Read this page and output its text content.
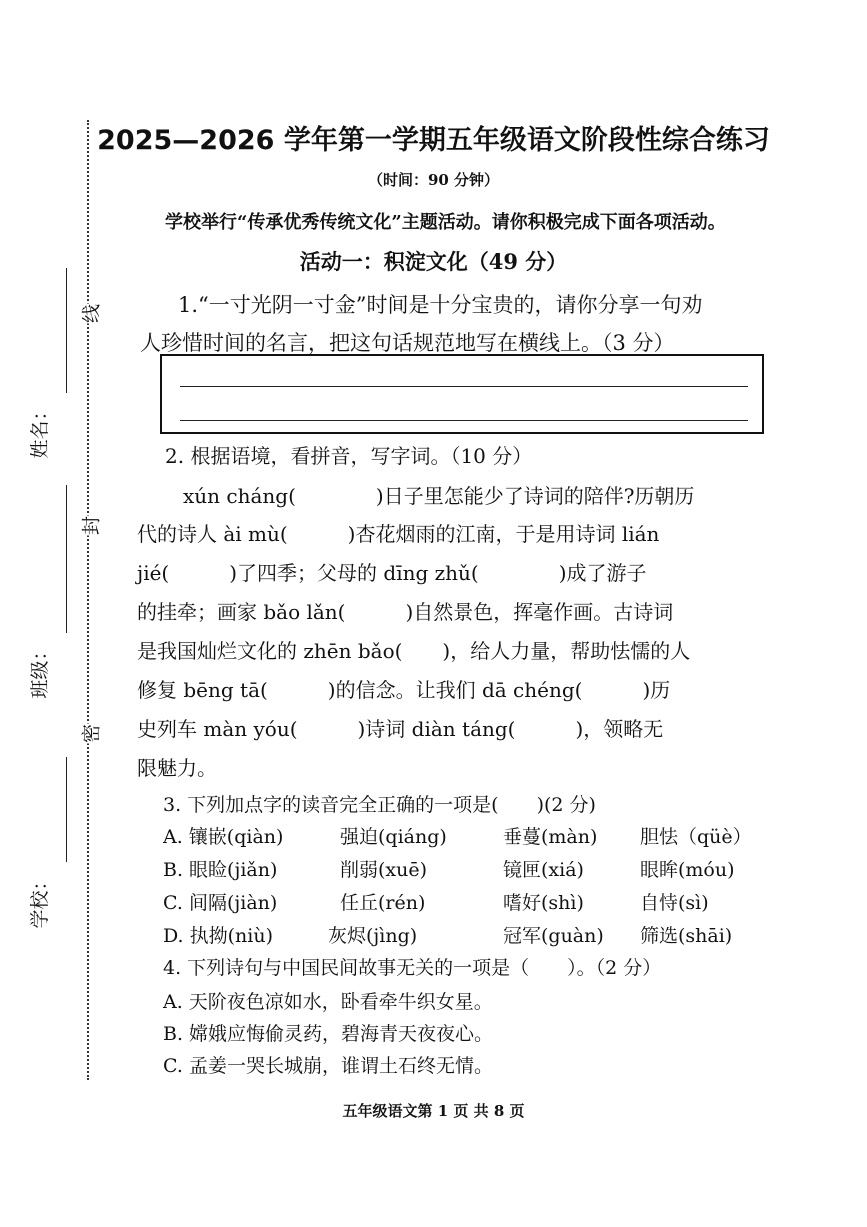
线
封
密
姓名：
班级：
学校：
2025—2026 学年第一学期五年级语文阶段性综合练习
（时间：90 分钟）
学校举行“传承优秀传统文化”主题活动。请你积极完成下面各项活动。
活动一：积淀文化（49 分）
1.“一寸光阴一寸金”时间是十分宝贵的，请你分享一句劝
人珍惜时间的名言，把这句话规范地写在横线上。（3 分）
2. 根据语境，看拼音，写字词。（10 分）
xún cháng(　　　　)日子里怎能少了诗词的陪伴?历朝历
代的诗人 ài mù(　　　)杏花烟雨的江南，于是用诗词 lián
jié(　　　)了四季；父母的 dīng zhǔ(　　　　)成了游子
的挂牵；画家 bǎo lǎn(　　　)自然景色，挥毫作画。古诗词
是我国灿烂文化的 zhēn bǎo(　　)，给人力量，帮助怯懦的人
修复 bēng tā(　　　)的信念。让我们 dā chéng(　　　)历
史列车 màn yóu(　　　)诗词 diàn táng(　　　)，领略无
限魅力。
3. 下列加点字的读音完全正确的一项是(　　)(2 分)
A. 镶嵌(qiàn)	强迫(qiáng)	垂蔓(màn) 胆怯（qüè）
B. 眼睑(jiǎn)	削弱(xuē)	镜匣(xiá)	眼眸(móu)
C. 间隔(jiàn)	任丘(rén)	嗜好(shì)	自恃(sì)
D. 执拗(niù)	灰烬(jìng)	冠军(guàn) 筛选(shāi)
4. 下列诗句与中国民间故事无关的一项是（　　）。（2 分）
A. 天阶夜色凉如水，卧看牵牛织女星。
B. 嫦娥应悔偷灵药，碧海青天夜夜心。
C. 孟姜一哭长城崩，谁谓土石终无情。
五年级语文第 1 页 共 8 页
